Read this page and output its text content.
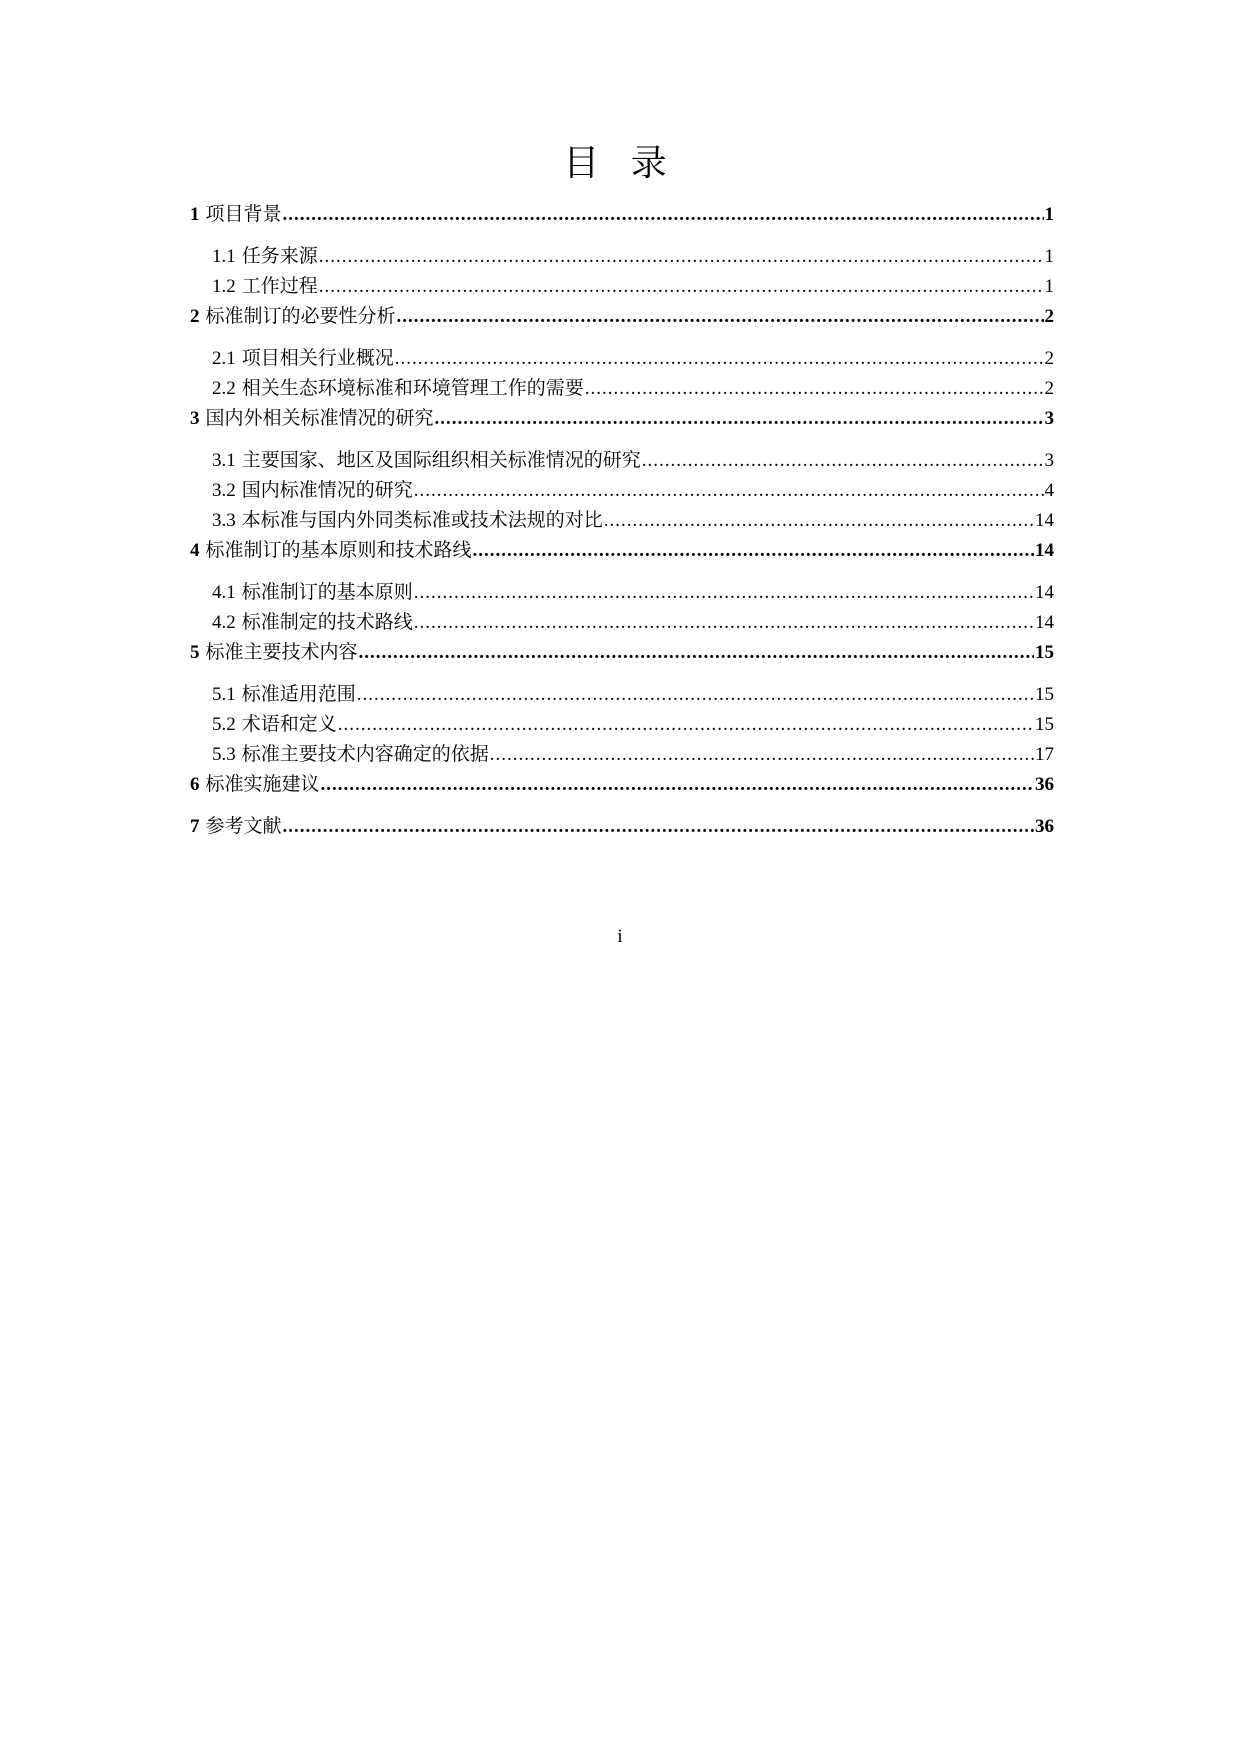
目 录
1 项目背景 .....	1
1.1 任务来源 .....	1
1.2 工作过程 .....	1
2 标准制订的必要性分析 .....	2
2.1 项目相关行业概况 .....	2
2.2 相关生态环境标准和环境管理工作的需要 .....	2
3 国内外相关标准情况的研究 .....	3
3.1 主要国家、地区及国际组织相关标准情况的研究 .....	3
3.2 国内标准情况的研究 .....	4
3.3 本标准与国内外同类标准或技术法规的对比 .....	14
4 标准制订的基本原则和技术路线 .....	14
4.1 标准制订的基本原则 .....	14
4.2 标准制定的技术路线 .....	14
5 标准主要技术内容 .....	15
5.1 标准适用范围 .....	15
5.2 术语和定义 .....	15
5.3 标准主要技术内容确定的依据 .....	17
6 标准实施建议 .....	36
7 参考文献 .....	36
i
